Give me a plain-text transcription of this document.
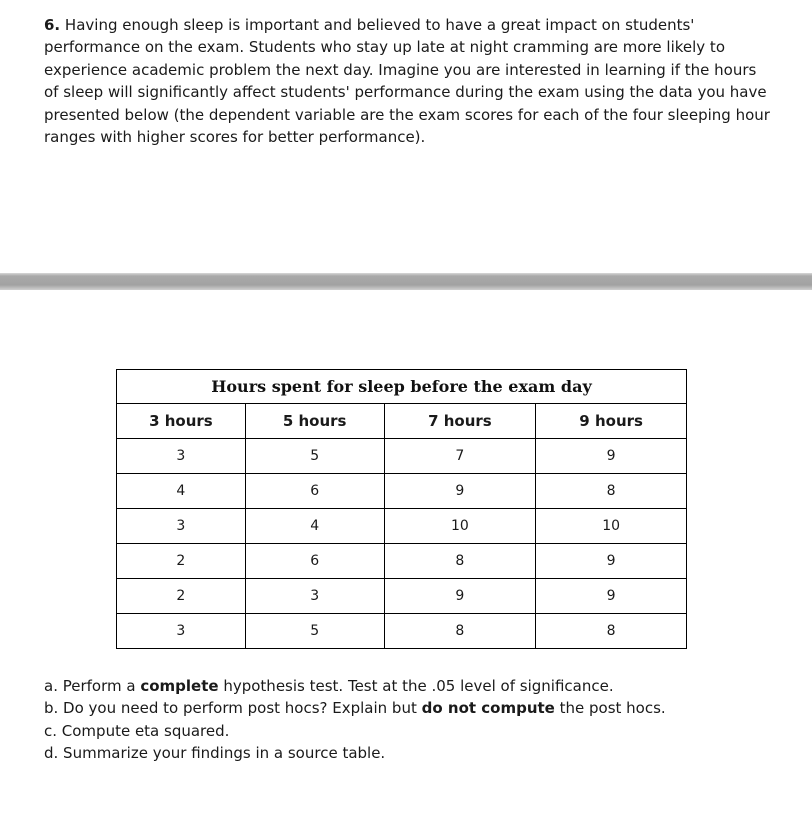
6. Having enough sleep is important and believed to have a great impact on students' performance on the exam. Students who stay up late at night cramming are more likely to experience academic problem the next day. Imagine you are interested in learning if the hours of sleep will significantly affect students' performance during the exam using the data you have presented below (the dependent variable are the exam scores for each of the four sleeping hour ranges with higher scores for better performance).
Hours spent for sleep before the exam day			
3 hours	5 hours	7 hours	9 hours
3	5	7	9
4	6	9	8
3	4	10	10
2	6	8	9
2	3	9	9
3	5	8	8
a. Perform a complete hypothesis test. Test at the .05 level of significance.
b. Do you need to perform post hocs? Explain but do not compute the post hocs.
c. Compute eta squared.
d. Summarize your findings in a source table.
